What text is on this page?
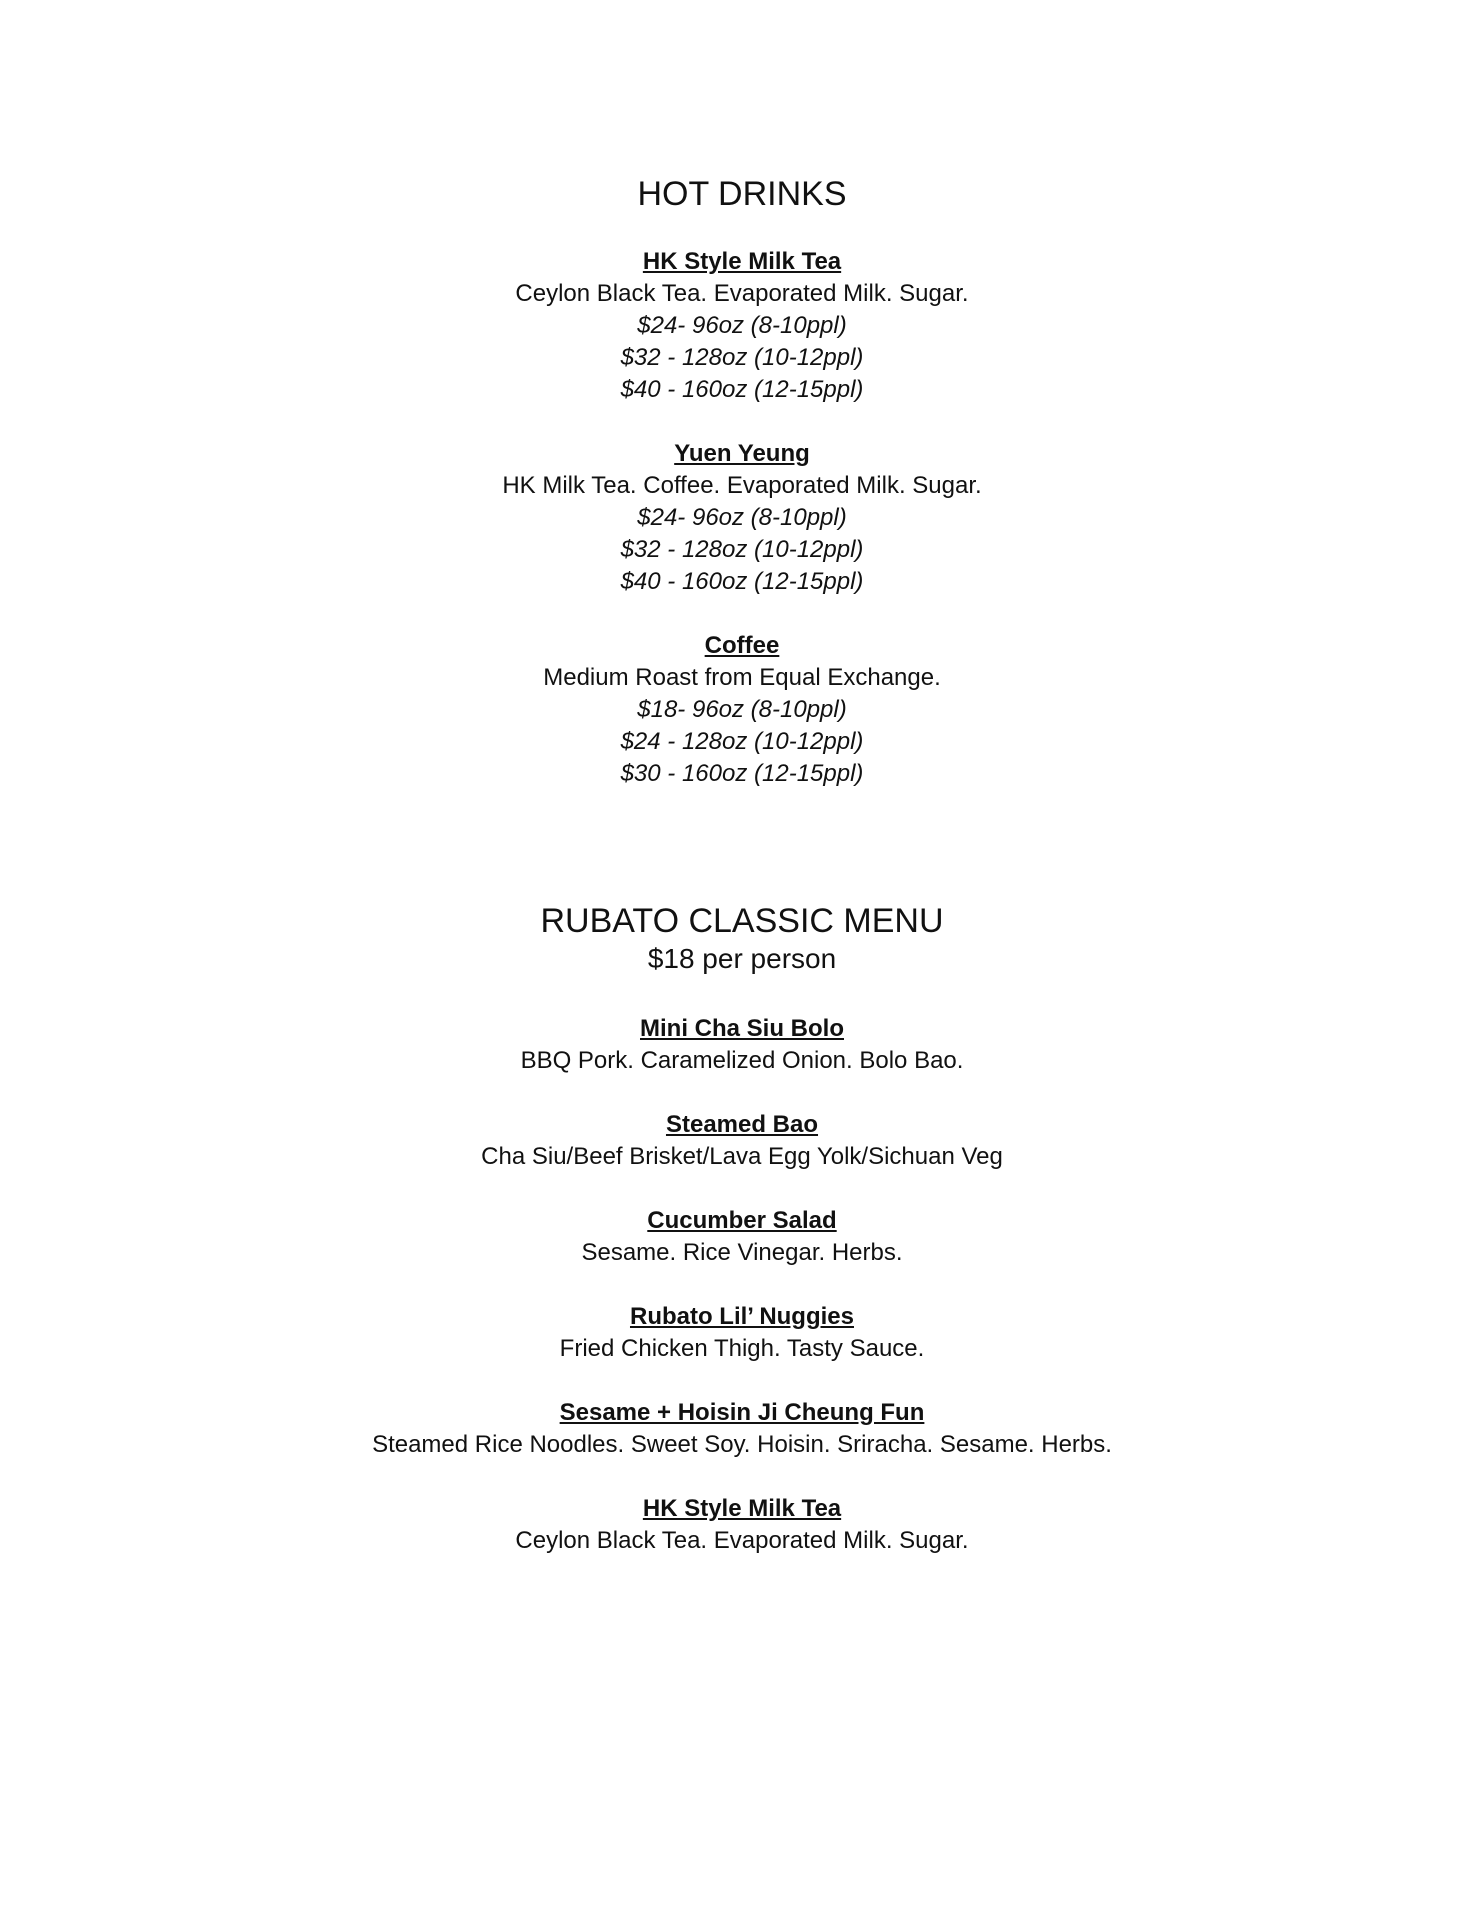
HOT DRINKS
HK Style Milk Tea
Ceylon Black Tea. Evaporated Milk. Sugar.
$24- 96oz (8-10ppl)
$32 - 128oz (10-12ppl)
$40 - 160oz (12-15ppl)
Yuen Yeung
HK Milk Tea. Coffee. Evaporated Milk. Sugar.
$24- 96oz (8-10ppl)
$32 - 128oz (10-12ppl)
$40 - 160oz (12-15ppl)
Coffee
Medium Roast from Equal Exchange.
$18- 96oz (8-10ppl)
$24 - 128oz (10-12ppl)
$30 - 160oz (12-15ppl)
RUBATO CLASSIC MENU

$18 per person

Mini Cha Siu Bolo
BBQ Pork. Caramelized Onion. Bolo Bao.
Steamed Bao
Cha Siu/Beef Brisket/Lava Egg Yolk/Sichuan Veg
Cucumber Salad
Sesame. Rice Vinegar. Herbs.
Rubato Lil’ Nuggies
Fried Chicken Thigh. Tasty Sauce.
Sesame + Hoisin Ji Cheung Fun
Steamed Rice Noodles. Sweet Soy. Hoisin. Sriracha. Sesame. Herbs.
HK Style Milk Tea
Ceylon Black Tea. Evaporated Milk. Sugar.
